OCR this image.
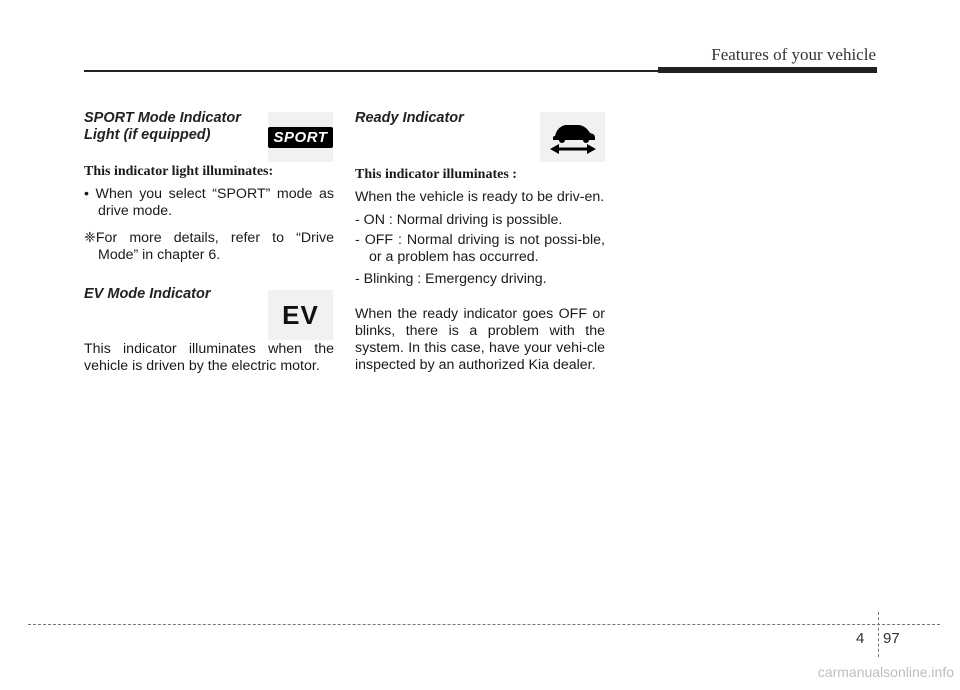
Features of your vehicle
SPORT Mode Indicator
Light (if equipped)
This indicator light illuminates:

• When you select “SPORT” mode as drive mode.

❈For more details, refer to “Drive Mode” in chapter 6.

EV Mode Indicator

This indicator illuminates when the vehicle is driven by the electric motor.

SPORT
EV
Ready Indicator
This indicator illuminates :

When the vehicle is ready to be driv-en.

- ON : Normal driving is possible.

- OFF : Normal driving is not possi-ble, or a problem has occurred.

- Blinking : Emergency driving.

When the ready indicator goes OFF or blinks, there is a problem with the system. In this case, have your vehi-cle inspected by an authorized Kia dealer.

4 97
carmanualsonline.info
